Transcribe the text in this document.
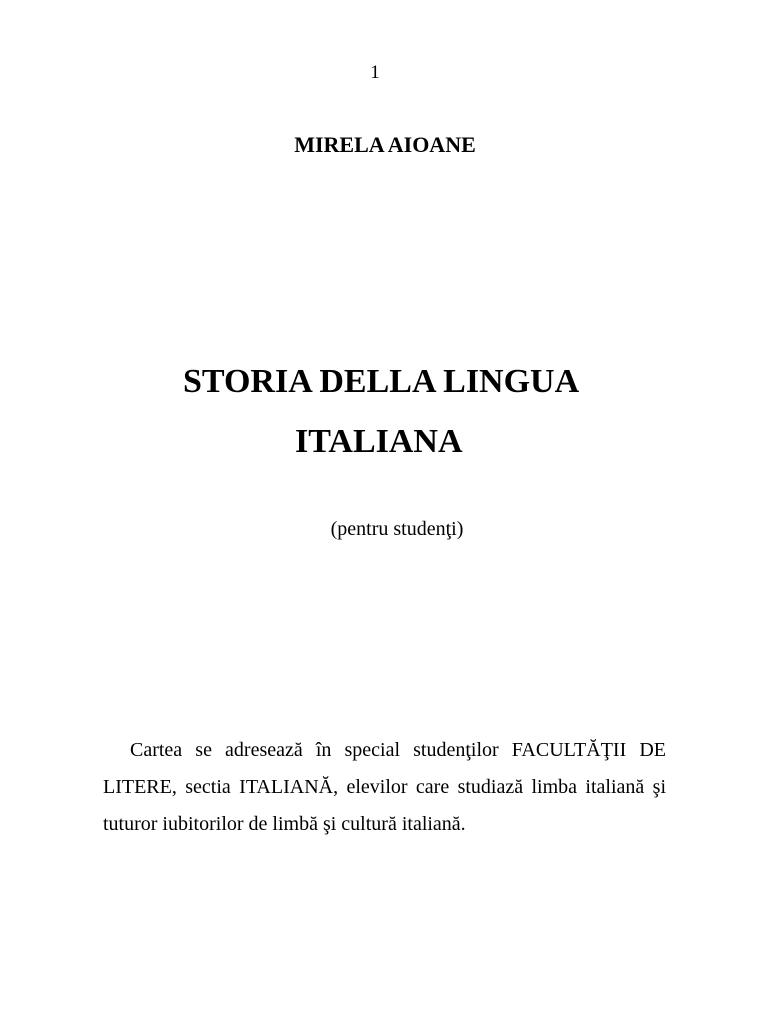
1
MIRELA AIOANE
STORIA DELLA LINGUA
ITALIANA
(pentru studenţi)

Cartea se adresează în special studenţilor FACULTĂŢII DE LITERE, sectia ITALIANĂ, elevilor care studiază limba italiană şi tuturor iubitorilor de limbă şi cultură italiană.
